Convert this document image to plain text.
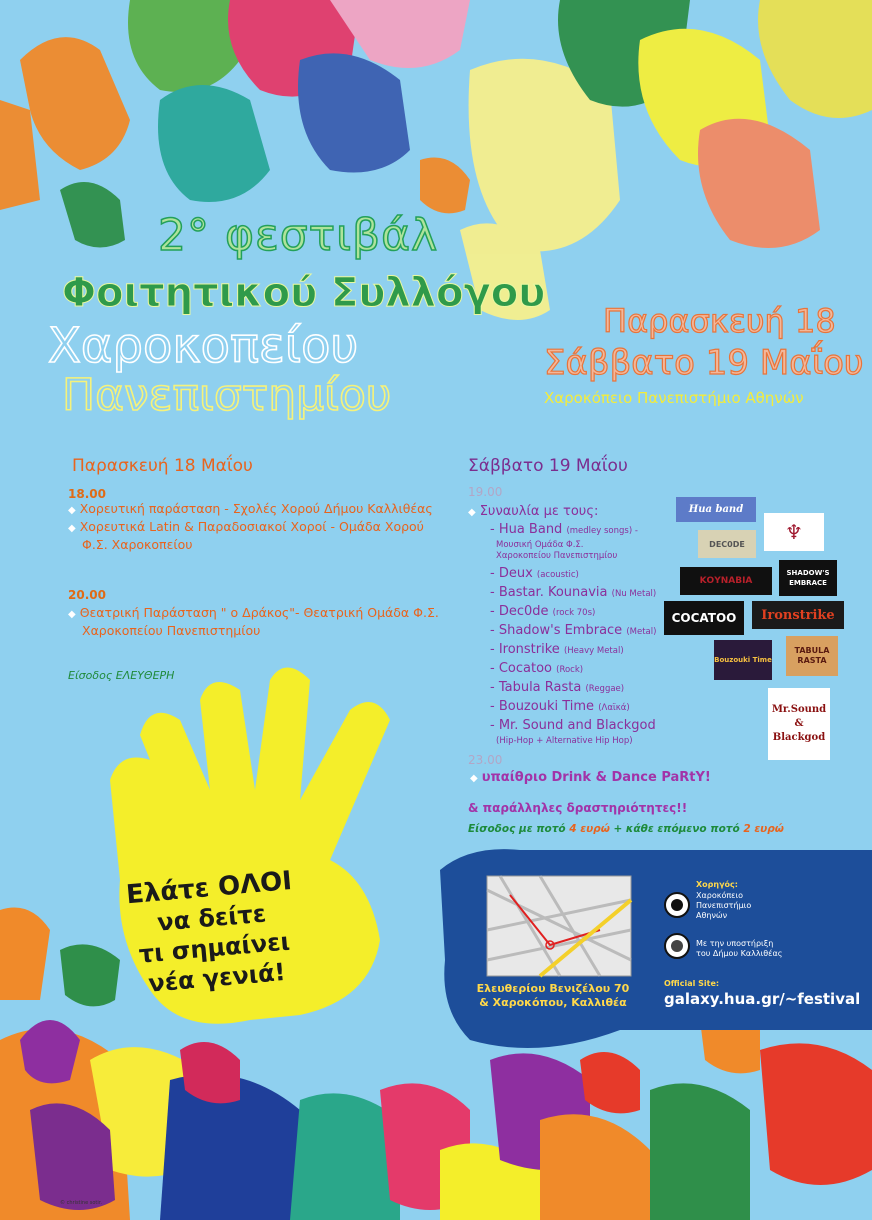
2° φεστιβάλ
Φοιτητικού Συλλόγου
Χαροκοπείου
Πανεπιστημίου
Παρασκευή 18
Σάββατο 19 Μαΐου
Χαροκόπειο Πανεπιστήμιο Αθηνών
Παρασκευή 18 Μαΐου
18.00
◆ Χορευτική παράσταση - Σχολές Χορού Δήμου Καλλιθέας
◆ Χορευτικά Latin & Παραδοσιακοί Χοροί - Ομάδα Χορού
Φ.Σ. Χαροκοπείου
20.00
◆ Θεατρική Παράσταση " ο Δράκος"- Θεατρική Ομάδα Φ.Σ.
Χαροκοπείου Πανεπιστημίου
Είσοδος ΕΛΕΥΘΕΡΗ
Σάββατο 19 Μαΐου
19.00
◆ Συναυλία με τους:
- Hua Band (medley songs) -
Μουσική Ομάδα Φ.Σ.
Χαροκοπείου Πανεπιστημίου
- Deux (acoustic)
- Bastar. Kounavia (Nu Metal)
- Dec0de (rock 70s)
- Shadow's Embrace (Metal)
- Ironstrike (Heavy Metal)
- Cocatoo (Rock)
- Tabula Rasta (Reggae)
- Bouzouki Time (Λαϊκά)
- Mr. Sound and Blackgod
(Hip-Hop + Alternative Hip Hop)
23.00
◆ υπαίθριο Drink & Dance PaRtY!
& παράλληλες δραστηριότητες!!
Είσοδος με ποτό 4 ευρώ + κάθε επόμενο ποτό 2 ευρώ
Hua band
♆
DEC0DE
ΚΟΥΝΑΒΙΑ
SHADOW'S EMBRACE
COCATOO	Ironstrike
Bouzouki Time
TABULA RASTA
Mr.Sound & Blackgod
Ελάτε ΟΛΟΙ
να δείτε
τι σημαίνει
νέα γενιά!	Ελευθερίου Βενιζέλου 70
& Χαροκόπου, Καλλιθέα
Χορηγός:
Χαροκόπειο
Πανεπιστήμιο
Αθηνών
Με την υποστήριξη
του Δήμου Καλλιθέας
Official Site:
galaxy.hua.gr/~festival
© christine sotir.
